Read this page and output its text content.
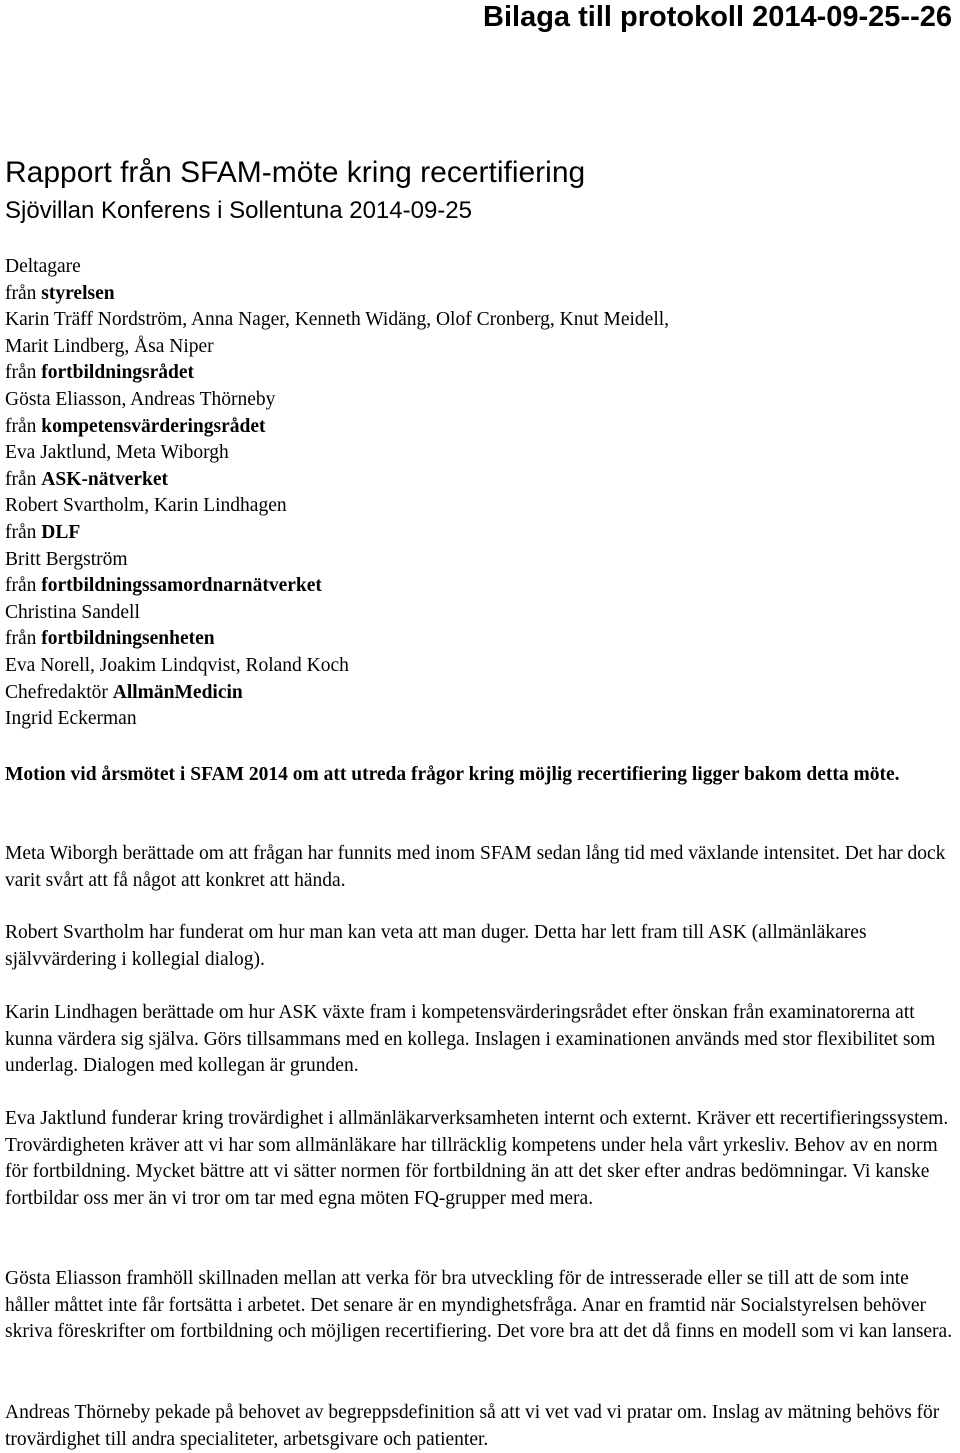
Bilaga till protokoll 2014-09-25--26
Rapport från SFAM-möte kring recertifiering
Sjövillan Konferens i Sollentuna 2014-09-25
Deltagare
från styrelsen
Karin Träff Nordström, Anna Nager, Kenneth Widäng, Olof Cronberg, Knut Meidell,
Marit Lindberg, Åsa Niper
från fortbildningsrådet
Gösta Eliasson, Andreas Thörneby
från kompetensvärderingsrådet
Eva Jaktlund, Meta Wiborgh
från ASK-nätverket
Robert Svartholm, Karin Lindhagen
från DLF
Britt Bergström
från fortbildningssamordnarnätverket
Christina Sandell
från fortbildningsenheten
Eva Norell, Joakim Lindqvist, Roland Koch
Chefredaktör AllmänMedicin
Ingrid Eckerman

Motion vid årsmötet i SFAM 2014 om att utreda frågor kring möjlig recertifiering ligger bakom detta möte.

Meta Wiborgh berättade om att frågan har funnits med inom SFAM sedan lång tid med växlande intensitet. Det har dock varit svårt att få något att konkret att hända.

Robert Svartholm har funderat om hur man kan veta att man duger. Detta har lett fram till ASK (allmänläkares självvärdering i kollegial dialog).

Karin Lindhagen berättade om hur ASK växte fram i kompetensvärderingsrådet efter önskan från examinatorerna att kunna värdera sig själva. Görs tillsammans med en kollega. Inslagen i examinationen används med stor flexibilitet som underlag. Dialogen med kollegan är grunden.

Eva Jaktlund funderar kring trovärdighet i allmänläkarverksamheten internt och externt. Kräver ett recertifieringssystem. Trovärdigheten kräver att vi har som allmänläkare har tillräcklig kompetens under hela vårt yrkesliv. Behov av en norm för fortbildning. Mycket bättre att vi sätter normen för fortbildning än att det sker efter andras bedömningar. Vi kanske fortbildar oss mer än vi tror om tar med egna möten FQ-grupper med mera.

Gösta Eliasson framhöll skillnaden mellan att verka för bra utveckling för de intresserade eller se till att de som inte håller måttet inte får fortsätta i arbetet. Det senare är en myndighetsfråga. Anar en framtid när Socialstyrelsen behöver skriva föreskrifter om fortbildning och möjligen recertifiering. Det vore bra att det då finns en modell som vi kan lansera.

Andreas Thörneby pekade på behovet av begreppsdefinition så att vi vet vad vi pratar om. Inslag av mätning behövs för trovärdighet till andra specialiteter, arbetsgivare och patienter.
